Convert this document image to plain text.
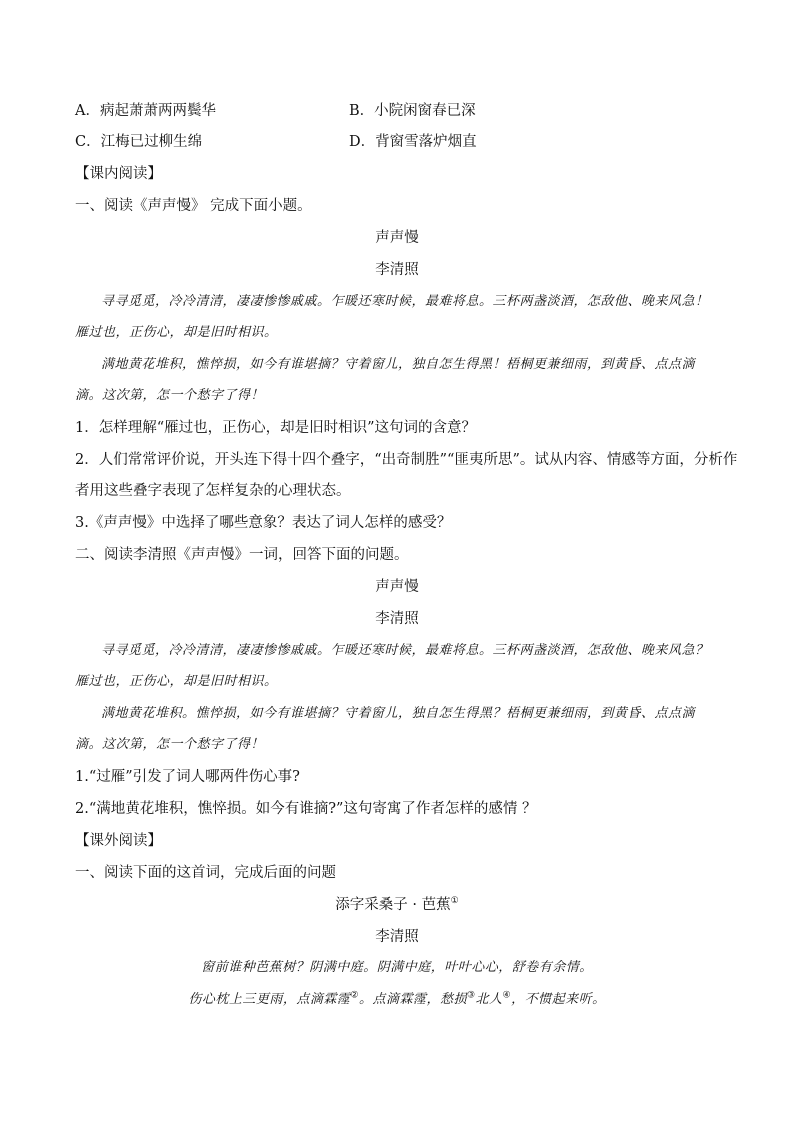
A．病起萧萧两两鬓华	B．小院闲窗春已深
C．江梅已过柳生绵	D．背窗雪落炉烟直
【课内阅读】
一、阅读《声声慢》 完成下面小题。
声声慢
李清照
寻寻觅觅，冷冷清清，凄凄惨惨戚戚。乍暖还寒时候，最难将息。三杯两盏淡酒，怎敌他、晚来风急！
雁过也，正伤心，却是旧时相识。
满地黄花堆积，憔悴损，如今有谁堪摘？守着窗儿，独自怎生得黑！梧桐更兼细雨，到黄昏、点点滴
滴。这次第，怎一个愁字了得！
1．怎样理解“雁过也，正伤心，却是旧时相识”这句词的含意？
2．人们常常评价说，开头连下得十四个叠字，“出奇制胜”“匪夷所思”。试从内容、情感等方面，分析作
者用这些叠字表现了怎样复杂的心理状态。
3.《声声慢》中选择了哪些意象？表达了词人怎样的感受？
二、阅读李清照《声声慢》一词，回答下面的问题。
声声慢
李清照
寻寻觅觅，冷冷清清，凄凄惨惨戚戚。乍暖还寒时候，最难将息。三杯两盏淡酒，怎敌他、晚来风急？
雁过也，正伤心，却是旧时相识。
满地黄花堆积。憔悴损，如今有谁堪摘？守着窗儿，独自怎生得黑？梧桐更兼细雨，到黄昏、点点滴
滴。这次第，怎一个愁字了得！
1.“过雁”引发了词人哪两件伤心事?
2.“满地黄花堆积，憔悴损。如今有谁摘?”这句寄寓了作者怎样的感情 ？
【课外阅读】
一、阅读下面的这首词，完成后面的问题
添字采桑子 · 芭蕉①
李清照
窗前谁种芭蕉树？阴满中庭。阴满中庭，叶叶心心，舒卷有余情。
伤心枕上三更雨，点滴霖霪②。点滴霖霪，愁损③北人④，不惯起来听。
